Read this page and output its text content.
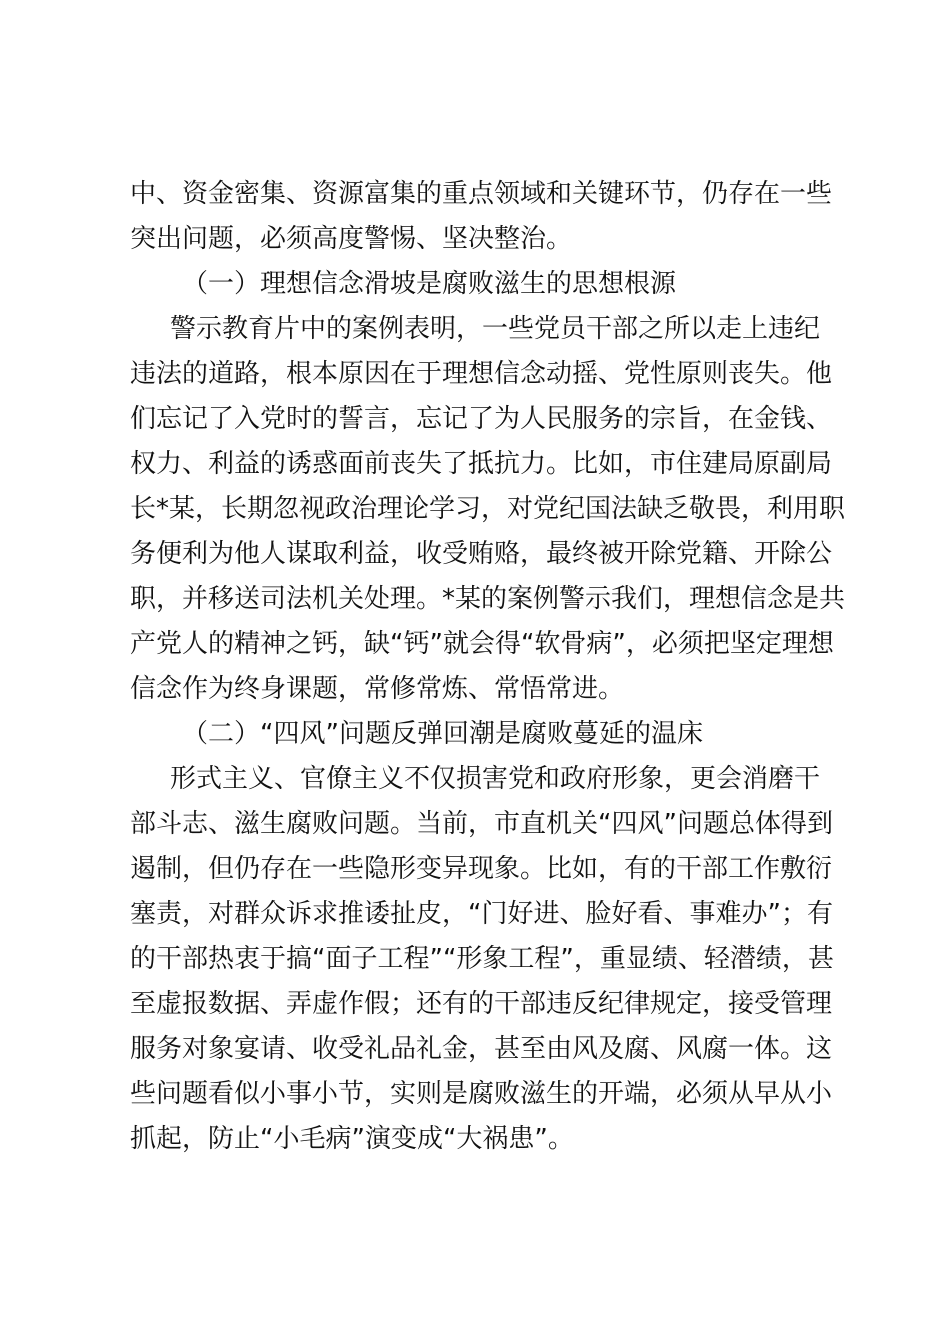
中、资金密集、资源富集的重点领域和关键环节，仍存在一些
突出问题，必须高度警惕、坚决整治。
（一）理想信念滑坡是腐败滋生的思想根源
警示教育片中的案例表明，一些党员干部之所以走上违纪
违法的道路，根本原因在于理想信念动摇、党性原则丧失。他
们忘记了入党时的誓言，忘记了为人民服务的宗旨，在金钱、
权力、利益的诱惑面前丧失了抵抗力。比如，市住建局原副局
长*某，长期忽视政治理论学习，对党纪国法缺乏敬畏，利用职
务便利为他人谋取利益，收受贿赂，最终被开除党籍、开除公
职，并移送司法机关处理。*某的案例警示我们，理想信念是共
产党人的精神之钙，缺“钙”就会得“软骨病”，必须把坚定理想
信念作为终身课题，常修常炼、常悟常进。
（二）“四风”问题反弹回潮是腐败蔓延的温床
形式主义、官僚主义不仅损害党和政府形象，更会消磨干
部斗志、滋生腐败问题。当前，市直机关“四风”问题总体得到
遏制，但仍存在一些隐形变异现象。比如，有的干部工作敷衍
塞责，对群众诉求推诿扯皮，“门好进、脸好看、事难办”；有
的干部热衷于搞“面子工程”“形象工程”，重显绩、轻潜绩，甚
至虚报数据、弄虚作假；还有的干部违反纪律规定，接受管理
服务对象宴请、收受礼品礼金，甚至由风及腐、风腐一体。这
些问题看似小事小节，实则是腐败滋生的开端，必须从早从小
抓起，防止“小毛病”演变成“大祸患”。
